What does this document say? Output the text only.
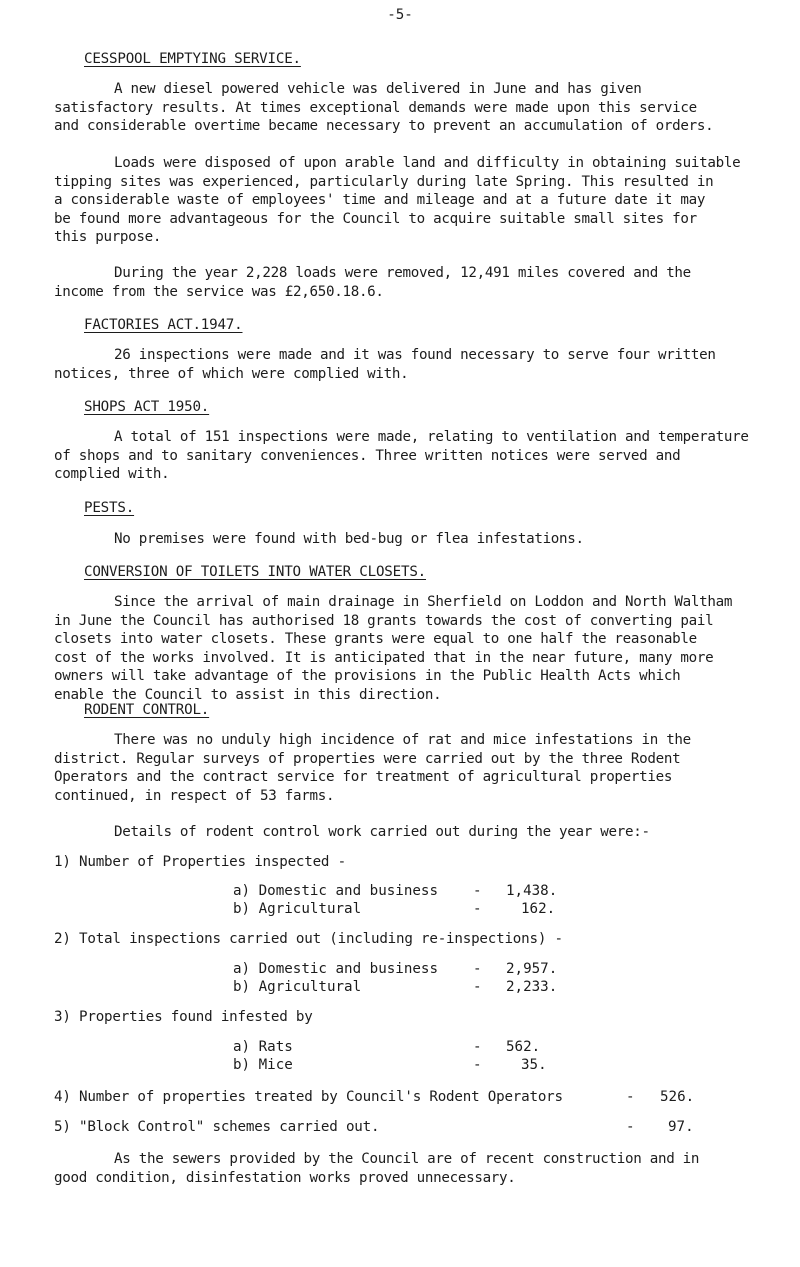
-5-
CESSPOOL EMPTYING SERVICE.
A new diesel powered vehicle was delivered in June and has given
satisfactory results. At times exceptional demands were made upon this service
and considerable overtime became necessary to prevent an accumulation of orders.
Loads were disposed of upon arable land and difficulty in obtaining suitable
tipping sites was experienced, particularly during late Spring. This resulted in
a considerable waste of employees' time and mileage and at a future date it may
be found more advantageous for the Council to acquire suitable small sites for
this purpose.
During the year 2,228 loads were removed, 12,491 miles covered and the
income from the service was £2,650.18.6.
FACTORIES ACT.1947.
26 inspections were made and it was found necessary to serve four written
notices, three of which were complied with.
SHOPS ACT 1950.
A total of 151 inspections were made, relating to ventilation and temperature
of shops and to sanitary conveniences. Three written notices were served and
complied with.
PESTS.
No premises were found with bed-bug or flea infestations.
CONVERSION OF TOILETS INTO WATER CLOSETS.
Since the arrival of main drainage in Sherfield on Loddon and North Waltham
in June the Council has authorised 18 grants towards the cost of converting pail
closets into water closets. These grants were equal to one half the reasonable
cost of the works involved. It is anticipated that in the near future, many more
owners will take advantage of the provisions in the Public Health Acts which
enable the Council to assist in this direction.
RODENT CONTROL.
There was no unduly high incidence of rat and mice infestations in the
district. Regular surveys of properties were carried out by the three Rodent
Operators and the contract service for treatment of agricultural properties
continued, in respect of 53 farms.
Details of rodent control work carried out during the year were:-
1) Number of Properties inspected -
a) Domestic and business - 1,438.
b) Agricultural	-	162.
2) Total inspections carried out (including re-inspections) -
a) Domestic and business - 2,957.
b) Agricultural	- 2,233.
3) Properties found infested by
a) Rats	- 562.
b) Mice	-	35.
4) Number of properties treated by Council's Rodent Operators	- 526.
5) "Block Control" schemes carried out.	- 97.
As the sewers provided by the Council are of recent construction and in
good condition, disinfestation works proved unnecessary.
